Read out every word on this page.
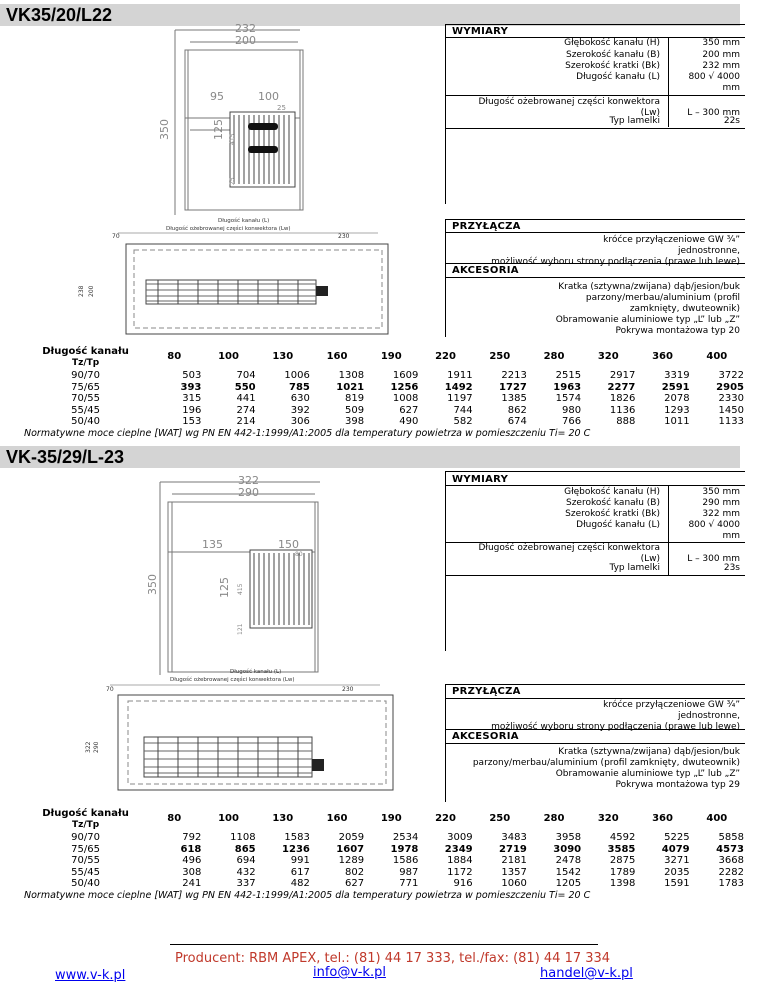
VK35/20/L22
232
200
95	100
25
350	125 415
25
Długość kanału (L)
Długość ożebrowanej części konwektora (Lw)
70	230
238 200
WYMIARY
Głębokość kanału (H)	350 mm
Szerokość kanału (B)	200 mm
Szerokość kratki (Bk)	232 mm
Długość kanału (L)	800 √ 4000
mm
Długość ożebrowanej części konwektora
(Lw)	L – 300 mm
Typ lamelki	22s
PRZYŁĄCZA
króćce przyłączeniowe GW ¾”
jednostronne,
możliwość wyboru strony podłączenia (prawe lub lewe)
AKCESORIA
Kratka (sztywna/zwijana) dąb/jesion/buk
parzony/merbau/aluminium (profil
zamknięty, dwuteownik)
Obramowanie aluminiowe typ „L” lub „Z”
Pokrywa montażowa typ 20
Długość kanału
Tz/Tp	80	100	130	160	190	220	250	280	320	360	400
90/70	503	704	1006	1308	1609	1911	2213	2515	2917	3319	3722
75/65	393	550	785	1021	1256	1492	1727	1963	2277	2591	2905
70/55	315	441	630	819	1008	1197	1385	1574	1826	2078	2330
55/45	196	274	392	509	627	744	862	980	1136	1293	1450
50/40	153	214	306	398	490	582	674	766	888	1011	1133
Normatywne moce cieplne [WAT] wg PN EN 442-1:1999/A1:2005 dla temperatury powietrza w pomieszczeniu Ti= 20 C
VK-35/29/L-23
322
290
135	150
80
350	125 415
121
Długość kanału (L)
Długość ożebrowanej części konwektora (Lw)
70	230
322 290
WYMIARY
Głębokość kanału (H)	350 mm
Szerokość kanału (B)	290 mm
Szerokość kratki (Bk)	322 mm
Długość kanału (L)	800 √ 4000
mm
Długość ożebrowanej części konwektora
(Lw)	L – 300 mm
Typ lamelki	23s
PRZYŁĄCZA
króćce przyłączeniowe GW ¾”
jednostronne,
możliwość wyboru strony podłączenia (prawe lub lewe)
AKCESORIA
Kratka (sztywna/zwijana) dąb/jesion/buk
parzony/merbau/aluminium (profil zamknięty, dwuteownik)
Obramowanie aluminiowe typ „L” lub „Z”
Pokrywa montażowa typ 29
Długość kanału
Tz/Tp	80	100	130	160	190	220	250	280	320	360	400
90/70	792	1108	1583	2059	2534	3009	3483	3958	4592	5225	5858
75/65	618	865	1236	1607	1978	2349	2719	3090	3585	4079	4573
70/55	496	694	991	1289	1586	1884	2181	2478	2875	3271	3668
55/45	308	432	617	802	987	1172	1357	1542	1789	2035	2282
50/40	241	337	482	627	771	916	1060	1205	1398	1591	1783
Normatywne moce cieplne [WAT] wg PN EN 442-1:1999/A1:2005 dla temperatury powietrza w pomieszczeniu Ti= 20 C
Producent: RBM APEX, tel.: (81) 44 17 333, tel./fax: (81) 44 17 334
www.v-k.pl	info@v-k.pl	handel@v-k.pl
